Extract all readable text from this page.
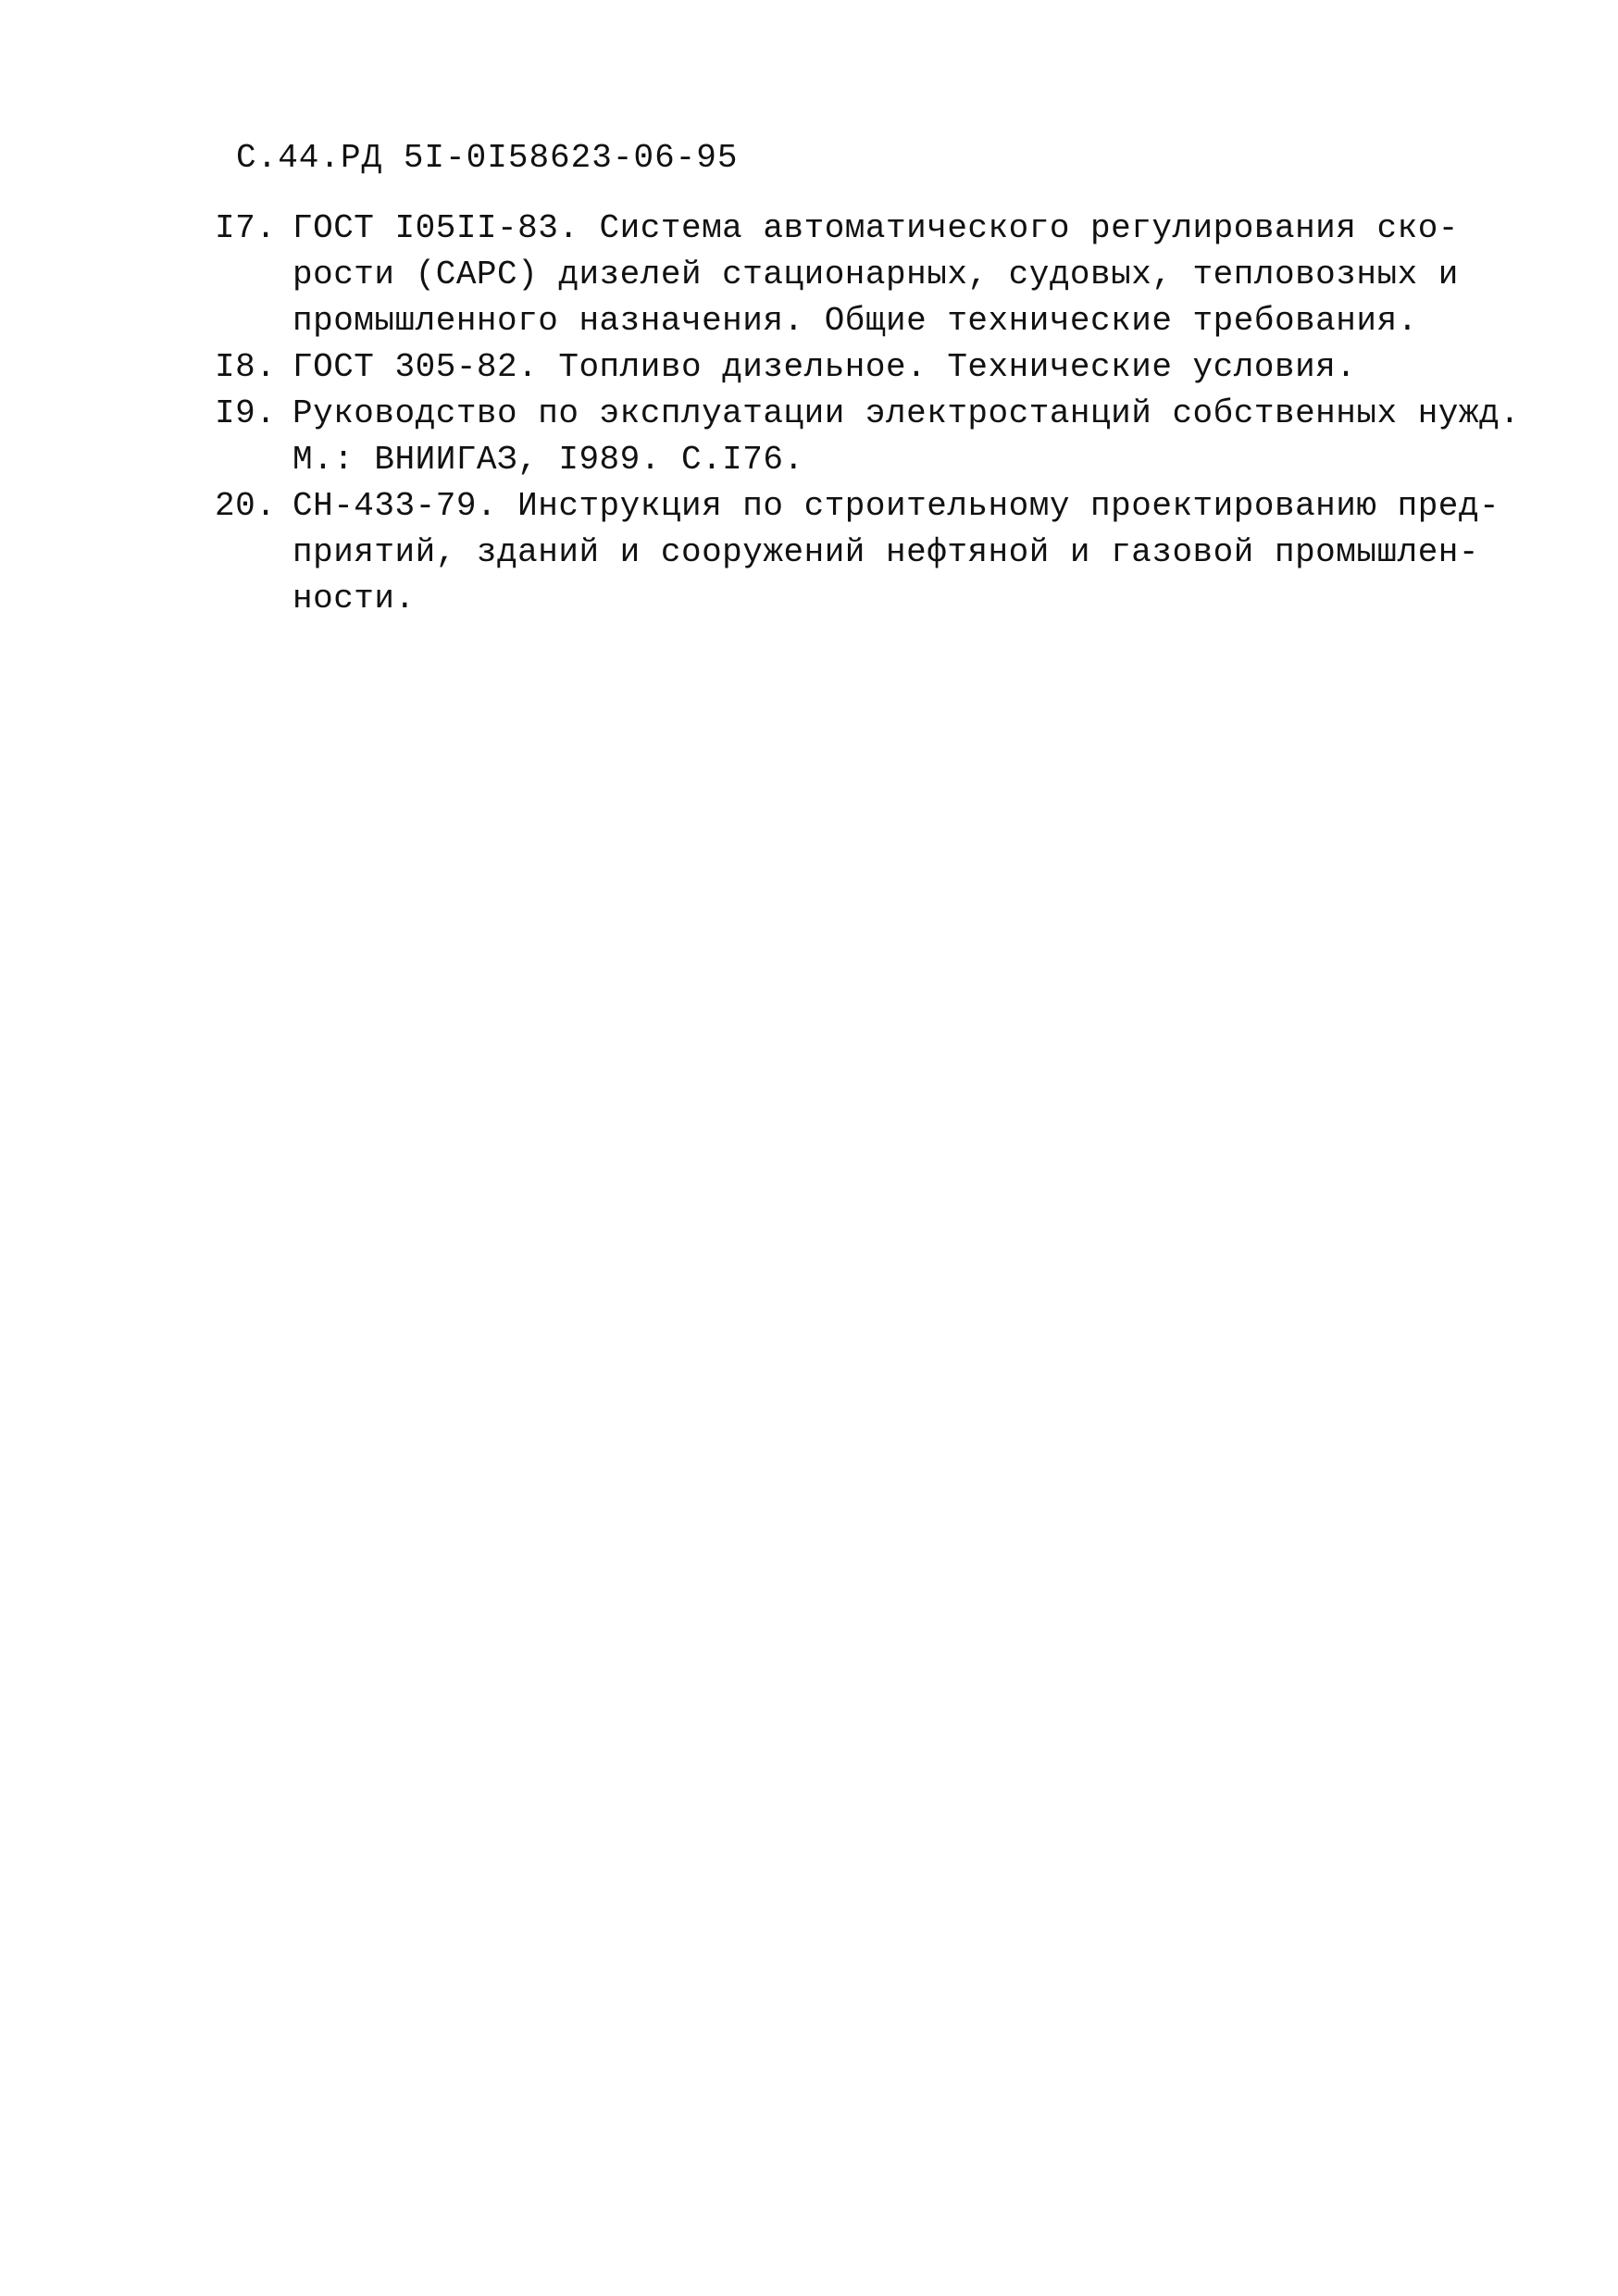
С.44.РД 5I-0I58623-06-95
I7. ГОСТ I05II-83. Система автоматического регулирования ско-
рости (САРС) дизелей стационарных, судовых, тепловозных и
промышленного назначения. Общие технические требования.
I8. ГОСТ 305-82. Топливо дизельное. Технические условия.
I9. Руководство по эксплуатации электростанций собственных нужд.
М.: ВНИИГАЗ, I989. С.I76.
20. СН-433-79. Инструкция по строительному проектированию пред-
приятий, зданий и сооружений нефтяной и газовой промышлен-
ности.
